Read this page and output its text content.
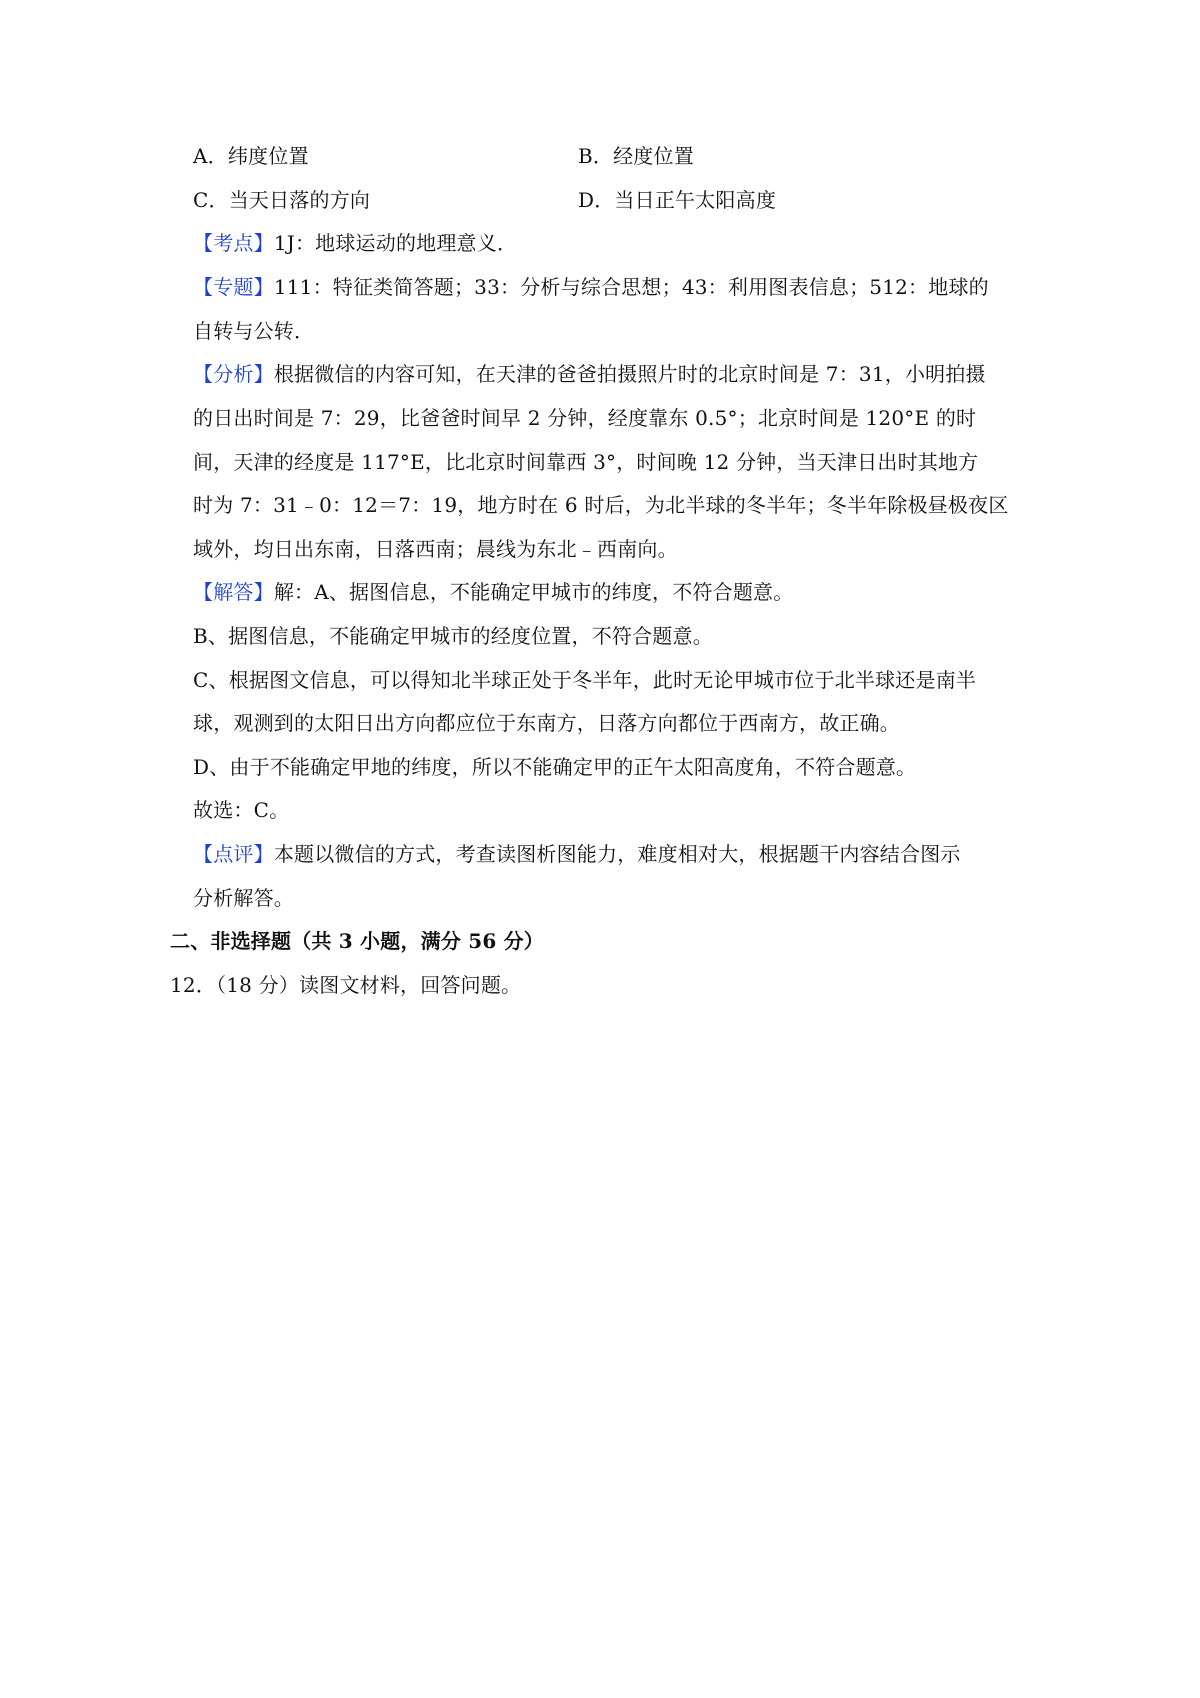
A．纬度位置	B．经度位置
C．当天日落的方向	D．当日正午太阳高度
【考点】1J：地球运动的地理意义．
【专题】111：特征类简答题；33：分析与综合思想；43：利用图表信息；512：地球的
自转与公转．
【分析】根据微信的内容可知，在天津的爸爸拍摄照片时的北京时间是 7：31，小明拍摄
的日出时间是 7：29，比爸爸时间早 2 分钟，经度靠东 0.5°；北京时间是 120°E 的时
间，天津的经度是 117°E，比北京时间靠西 3°，时间晚 12 分钟，当天津日出时其地方
时为 7：31﹣0：12＝7：19，地方时在 6 时后，为北半球的冬半年；冬半年除极昼极夜区
域外，均日出东南，日落西南；晨线为东北﹣西南向。
【解答】解：A、据图信息，不能确定甲城市的纬度，不符合题意。
B、据图信息，不能确定甲城市的经度位置，不符合题意。
C、根据图文信息，可以得知北半球正处于冬半年，此时无论甲城市位于北半球还是南半
球，观测到的太阳日出方向都应位于东南方，日落方向都位于西南方，故正确。
D、由于不能确定甲地的纬度，所以不能确定甲的正午太阳高度角，不符合题意。
故选：C。
【点评】本题以微信的方式，考查读图析图能力，难度相对大，根据题干内容结合图示
分析解答。
二、非选择题（共 3 小题，满分 56 分）
12．（18 分）读图文材料，回答问题。
